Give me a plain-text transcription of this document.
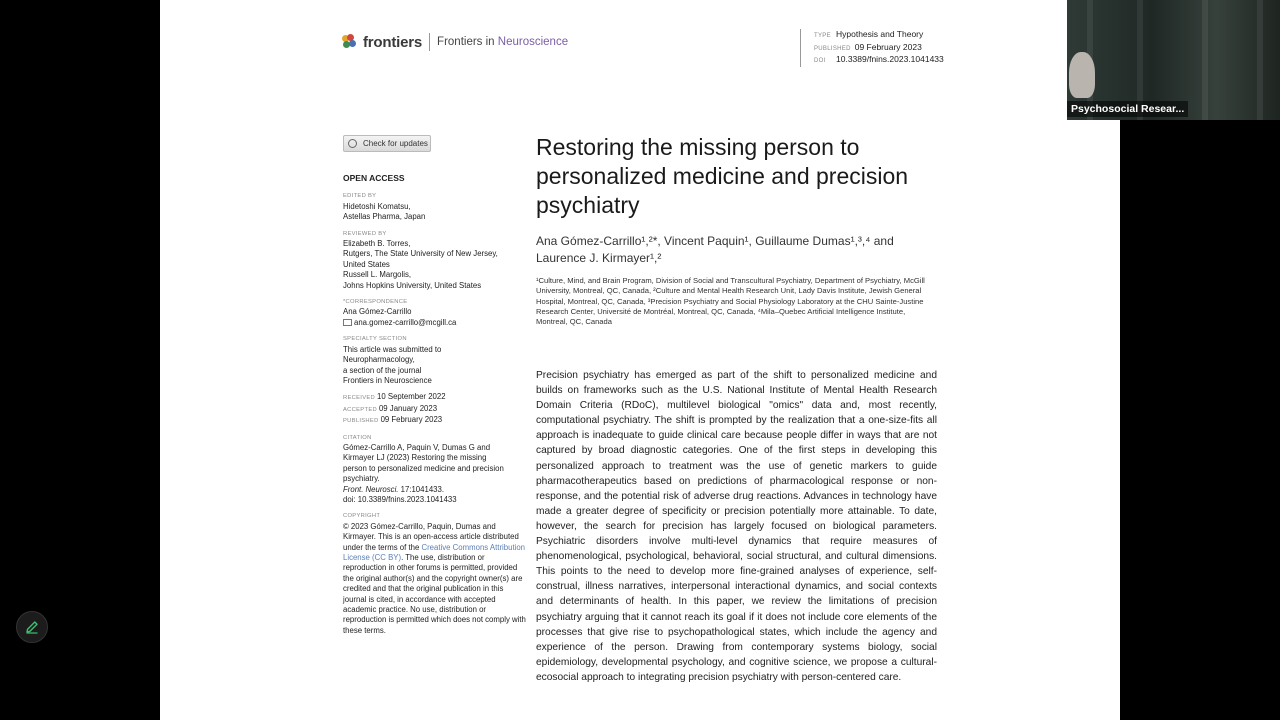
frontiers Frontiers in Neuroscience	TYPE Hypothesis and Theory
PUBLISHED 09 February 2023
DOI 10.3389/fnins.2023.1041433
Check for updates
OPEN ACCESS
EDITED BY

Hidetoshi Komatsu,
Astellas Pharma, Japan

REVIEWED BY

Elizabeth B. Torres,
Rutgers, The State University of New Jersey,
United States
Russell L. Margolis,
Johns Hopkins University, United States

*CORRESPONDENCE

Ana Gómez-Carrillo
ana.gomez-carrillo@mcgill.ca

SPECIALTY SECTION

This article was submitted to
Neuropharmacology,
a section of the journal
Frontiers in Neuroscience

RECEIVED 10 September 2022
ACCEPTED 09 January 2023
PUBLISHED 09 February 2023

CITATION

Gómez-Carrillo A, Paquin V, Dumas G and
Kirmayer LJ (2023) Restoring the missing
person to personalized medicine and precision
psychiatry.
Front. Neurosci. 17:1041433.
doi: 10.3389/fnins.2023.1041433

COPYRIGHT

© 2023 Gómez-Carrillo, Paquin, Dumas and Kirmayer. This is an open-access article distributed under the terms of the Creative Commons Attribution License (CC BY). The use, distribution or reproduction in other forums is permitted, provided the original author(s) and the copyright owner(s) are credited and that the original publication in this journal is cited, in accordance with accepted academic practice. No use, distribution or reproduction is permitted which does not comply with these terms.

Restoring the missing person to personalized medicine and precision psychiatry
Ana Gómez-Carrillo¹,²*, Vincent Paquin¹, Guillaume Dumas¹,³,⁴ and Laurence J. Kirmayer¹,²
¹Culture, Mind, and Brain Program, Division of Social and Transcultural Psychiatry, Department of Psychiatry, McGill University, Montreal, QC, Canada, ²Culture and Mental Health Research Unit, Lady Davis Institute, Jewish General Hospital, Montreal, QC, Canada, ³Precision Psychiatry and Social Physiology Laboratory at the CHU Sainte-Justine Research Center, Université de Montréal, Montreal, QC, Canada, ⁴Mila–Quebec Artificial Intelligence Institute, Montreal, QC, Canada
Precision psychiatry has emerged as part of the shift to personalized medicine and builds on frameworks such as the U.S. National Institute of Mental Health Research Domain Criteria (RDoC), multilevel biological "omics" data and, most recently, computational psychiatry. The shift is prompted by the realization that a one-size-fits all approach is inadequate to guide clinical care because people differ in ways that are not captured by broad diagnostic categories. One of the first steps in developing this personalized approach to treatment was the use of genetic markers to guide pharmacotherapeutics based on predictions of pharmacological response or non-response, and the potential risk of adverse drug reactions. Advances in technology have made a greater degree of specificity or precision potentially more attainable. To date, however, the search for precision has largely focused on biological parameters. Psychiatric disorders involve multi-level dynamics that require measures of phenomenological, psychological, behavioral, social structural, and cultural dimensions. This points to the need to develop more fine-grained analyses of experience, self-construal, illness narratives, interpersonal interactional dynamics, and social contexts and determinants of health. In this paper, we review the limitations of precision psychiatry arguing that it cannot reach its goal if it does not include core elements of the processes that give rise to psychopathological states, which include the agency and experience of the person. Drawing from contemporary systems biology, social epidemiology, developmental psychology, and cognitive science, we propose a cultural-ecosocial approach to integrating precision psychiatry with person-centered care.
Psychosocial Resear...
